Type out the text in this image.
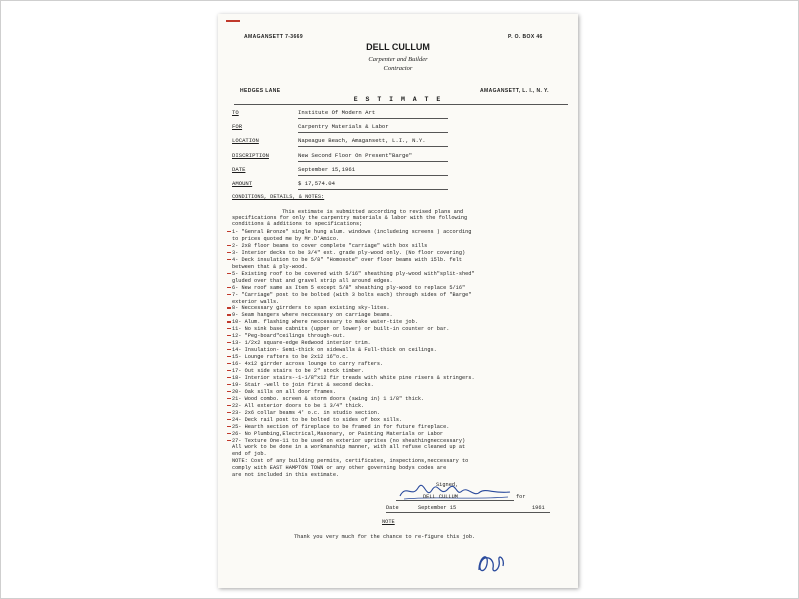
AMAGANSETT 7-3669	P. O. BOX 46
DELL CULLUM
Carpenter and Builder
Contractor
HEDGES LANE	AMAGANSETT, L. I., N. Y.
E S T I M A T E
TO	Institute Of Modern Art
FOR	Carpentry Materials & Labor
LOCATION	Napeague Beach, Amagansett, L.I., N.Y.
DISCRIPTION	New Second Floor On Present"Barge"
DATE	September 15,1961
AMOUNT	$ 17,574.04
CONDITIONS, DETAILS, & NOTES:
This estimate is submitted according to revised plans and
specifications for only the carpentry materials & labor with the following
conditions & additions to specifications;
Signed,
DELL CULLUM	for
Date	September 15	1961
NOTE
Thank you very much for the chance to re-figure this job.
1- "Genral Bronze" single hung alum. windows (includeing screens ) according
to prices quoted me by Mr.D'Amico.
2- 2x8 floor beams to cover complete "carriage" with box sills
3- Interior decks to be 3/4" ext. grade ply-wood only. (No floor covering)
4- Deck insulation to be 5/8" "Homosote" over floor beams with 15lb. felt
between that & ply-wood.
5- Existing roof to be covered with 5/16" sheathing ply-wood with"split-shed"
gluded over that and gravel strip all around edges.
6- New roof same as Item 5 except 5/8" sheathing ply-wood to replace 5/16"
7- "Carriage" post to be bolted (with 3 bolts each) through sides of "Barge"
exterior walls.
8- Neccessary girrders to span existing sky-lites.
9- Seam hangers where neccessary on carriage beams.
10- Alum. flashing where neccessary to make water-tite job.
11- No sink base cabnits (upper or lower) or built-in counter or bar.
12- "Peg-board"ceilings through-out.
13- 1/2x2 square-edge Redwood interior trim.
14- Insulation- Semi-thick on sidewalls & Full-thick on ceilings.
15- Lounge rafters to be 2x12 16"o.c.
16- 4x12 girrder across lounge to carry rafters.
17- Out side stairs to be 2" stock timber.
18- Interior stairs--1-1/8"x12 fir treads with white pine risers & stringers.
19- Stair -well to join first & second decks.
20- Oak sills on all door frames.
21- Wood combo. screen & storm doors (swing in) 1 1/8" thick.
22- All exterior doors to be 1 3/4" thick.
23- 2x6 collar beams 4' o.c. in studio section.
24- Deck rail post to be bolted to sides of box sills.
25- Hearth section of fireplace to be framed in for future fireplace.
26- No Plumbing,Electrical,Masonary, or Painting Materials or Labor
27- Texture One-11 to be used on exterior uprites (no sheathingneccessary)
All work to be done in a workmanship manner, with all refuse cleaned up at
end of job.
NOTE: Cost of any building permits, certificates, inspections,neccessary to
comply with EAST HAMPTON TOWN or any other governing bodys codes are
are not included in this estimate.
